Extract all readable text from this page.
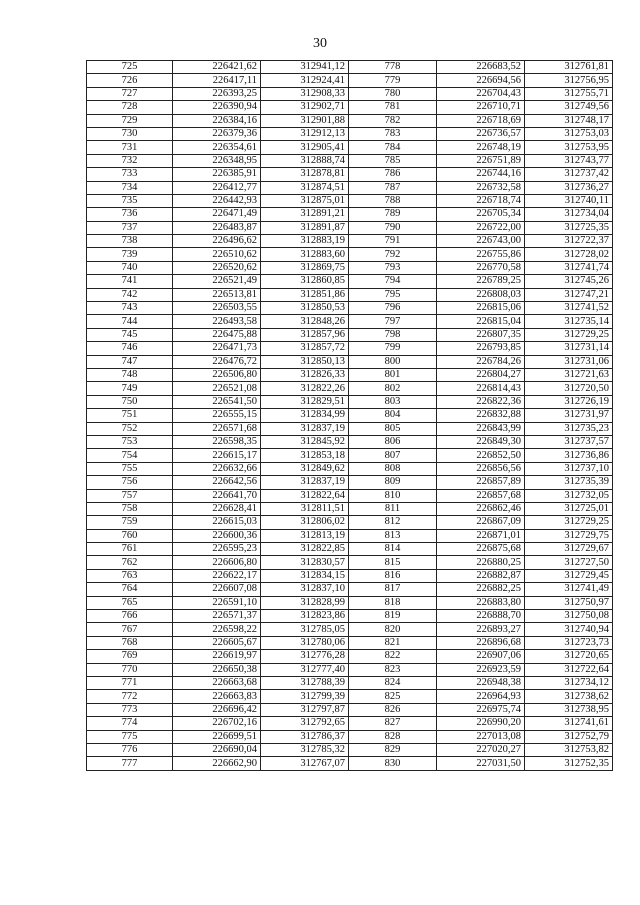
30
725	226421,62	312941,12	778	226683,52	312761,81
726	226417,11	312924,41	779	226694,56	312756,95
727	226393,25	312908,33	780	226704,43	312755,71
728	226390,94	312902,71	781	226710,71	312749,56
729	226384,16	312901,88	782	226718,69	312748,17
730	226379,36	312912,13	783	226736,57	312753,03
731	226354,61	312905,41	784	226748,19	312753,95
732	226348,95	312888,74	785	226751,89	312743,77
733	226385,91	312878,81	786	226744,16	312737,42
734	226412,77	312874,51	787	226732,58	312736,27
735	226442,93	312875,01	788	226718,74	312740,11
736	226471,49	312891,21	789	226705,34	312734,04
737	226483,87	312891,87	790	226722,00	312725,35
738	226496,62	312883,19	791	226743,00	312722,37
739	226510,62	312883,60	792	226755,86	312728,02
740	226520,62	312869,75	793	226770,58	312741,74
741	226521,49	312860,85	794	226789,25	312745,26
742	226513,81	312851,86	795	226808,03	312747,21
743	226503,55	312850,53	796	226815,06	312741,52
744	226493,58	312848,26	797	226815,04	312735,14
745	226475,88	312857,96	798	226807,35	312729,25
746	226471,73	312857,72	799	226793,85	312731,14
747	226476,72	312850,13	800	226784,26	312731,06
748	226506,80	312826,33	801	226804,27	312721,63
749	226521,08	312822,26	802	226814,43	312720,50
750	226541,50	312829,51	803	226822,36	312726,19
751	226555,15	312834,99	804	226832,88	312731,97
752	226571,68	312837,19	805	226843,99	312735,23
753	226598,35	312845,92	806	226849,30	312737,57
754	226615,17	312853,18	807	226852,50	312736,86
755	226632,66	312849,62	808	226856,56	312737,10
756	226642,56	312837,19	809	226857,89	312735,39
757	226641,70	312822,64	810	226857,68	312732,05
758	226628,41	312811,51	811	226862,46	312725,01
759	226615,03	312806,02	812	226867,09	312729,25
760	226600,36	312813,19	813	226871,01	312729,75
761	226595,23	312822,85	814	226875,68	312729,67
762	226606,80	312830,57	815	226880,25	312727,50
763	226622,17	312834,15	816	226882,87	312729,45
764	226607,08	312837,10	817	226882,25	312741,49
765	226591,10	312828,99	818	226883,80	312750,97
766	226571,37	312823,86	819	226888,70	312750,08
767	226598,22	312785,05	820	226893,27	312740,94
768	226605,67	312780,06	821	226896,68	312723,73
769	226619,97	312776,28	822	226907,06	312720,65
770	226650,38	312777,40	823	226923,59	312722,64
771	226663,68	312788,39	824	226948,38	312734,12
772	226663,83	312799,39	825	226964,93	312738,62
773	226696,42	312797,87	826	226975,74	312738,95
774	226702,16	312792,65	827	226990,20	312741,61
775	226699,51	312786,37	828	227013,08	312752,79
776	226690,04	312785,32	829	227020,27	312753,82
777	226662,90	312767,07	830	227031,50	312752,35
